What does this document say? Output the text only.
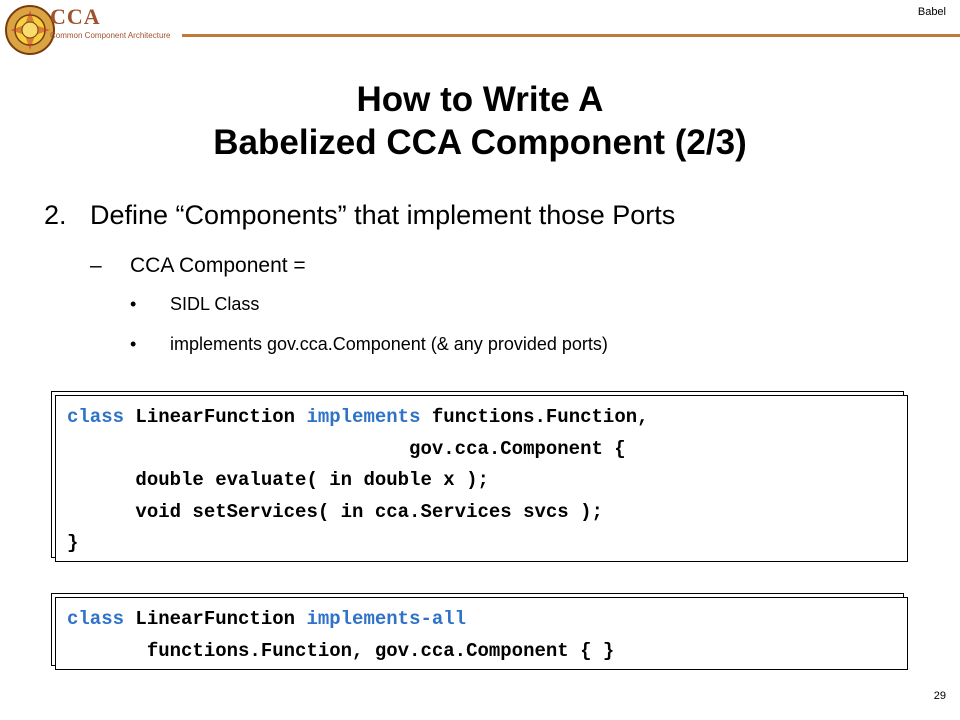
CCA
Common Component Architecture
Babel
How to Write A
Babelized CCA Component (2/3)
2. Define “Components” that implement those Ports
– CCA Component =
• SIDL Class
• implements gov.cca.Component (& any provided ports)
class LinearFunction implements functions.Function,
gov.cca.Component {
double evaluate( in double x );
void setServices( in cca.Services svcs );
}
class LinearFunction implements-all
functions.Function, gov.cca.Component { }
29
